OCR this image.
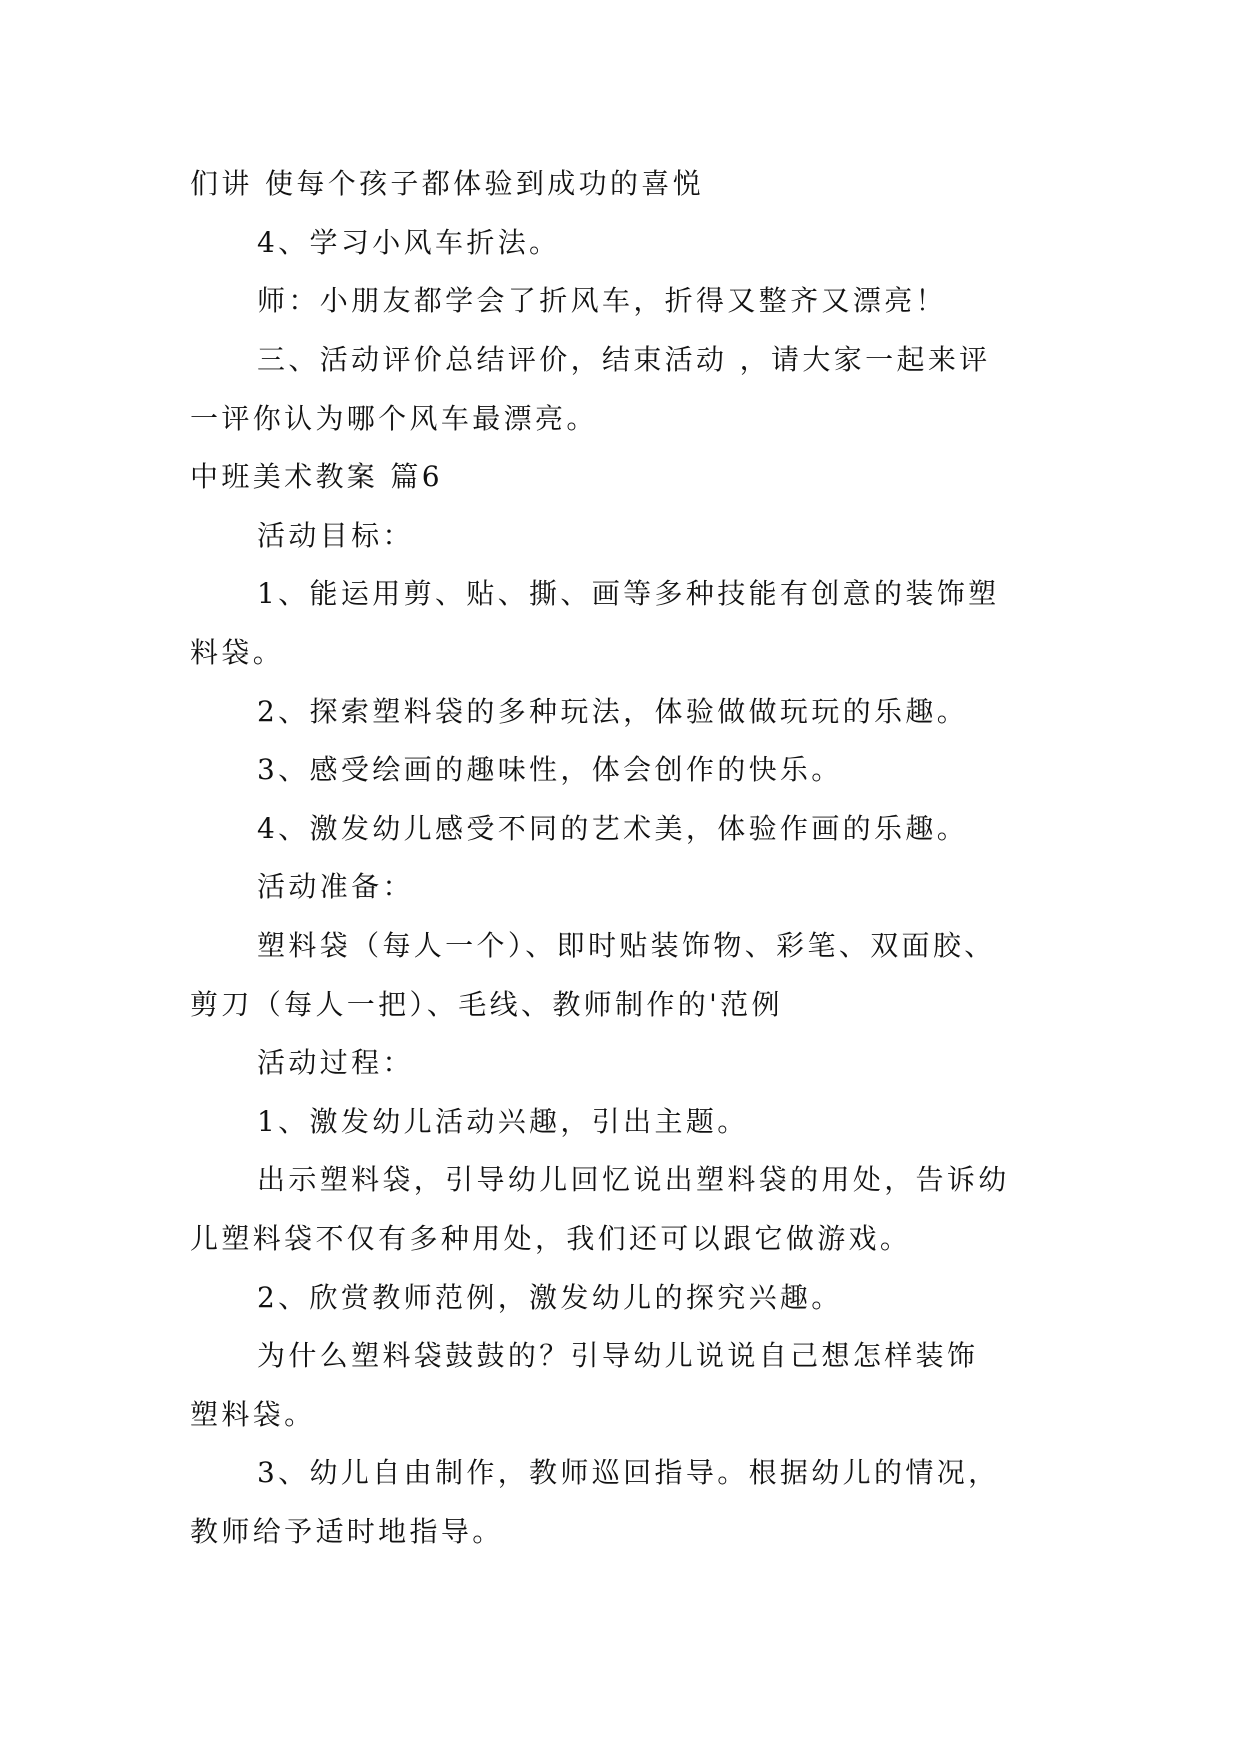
们讲 使每个孩子都体验到成功的喜悦
4、学习小风车折法。
师：小朋友都学会了折风车，折得又整齐又漂亮！
三、活动评价总结评价，结束活动 ，请大家一起来评
一评你认为哪个风车最漂亮。
中班美术教案 篇6
活动目标：
1、能运用剪、贴、撕、画等多种技能有创意的装饰塑
料袋。
2、探索塑料袋的多种玩法，体验做做玩玩的乐趣。
3、感受绘画的趣味性，体会创作的快乐。
4、激发幼儿感受不同的艺术美，体验作画的乐趣。
活动准备：
塑料袋（每人一个）、即时贴装饰物、彩笔、双面胶、
剪刀（每人一把）、毛线、教师制作的'范例
活动过程：
1、激发幼儿活动兴趣，引出主题。
出示塑料袋，引导幼儿回忆说出塑料袋的用处，告诉幼
儿塑料袋不仅有多种用处，我们还可以跟它做游戏。
2、欣赏教师范例，激发幼儿的探究兴趣。
为什么塑料袋鼓鼓的？引导幼儿说说自己想怎样装饰
塑料袋。
3、幼儿自由制作，教师巡回指导。根据幼儿的情况，
教师给予适时地指导。
